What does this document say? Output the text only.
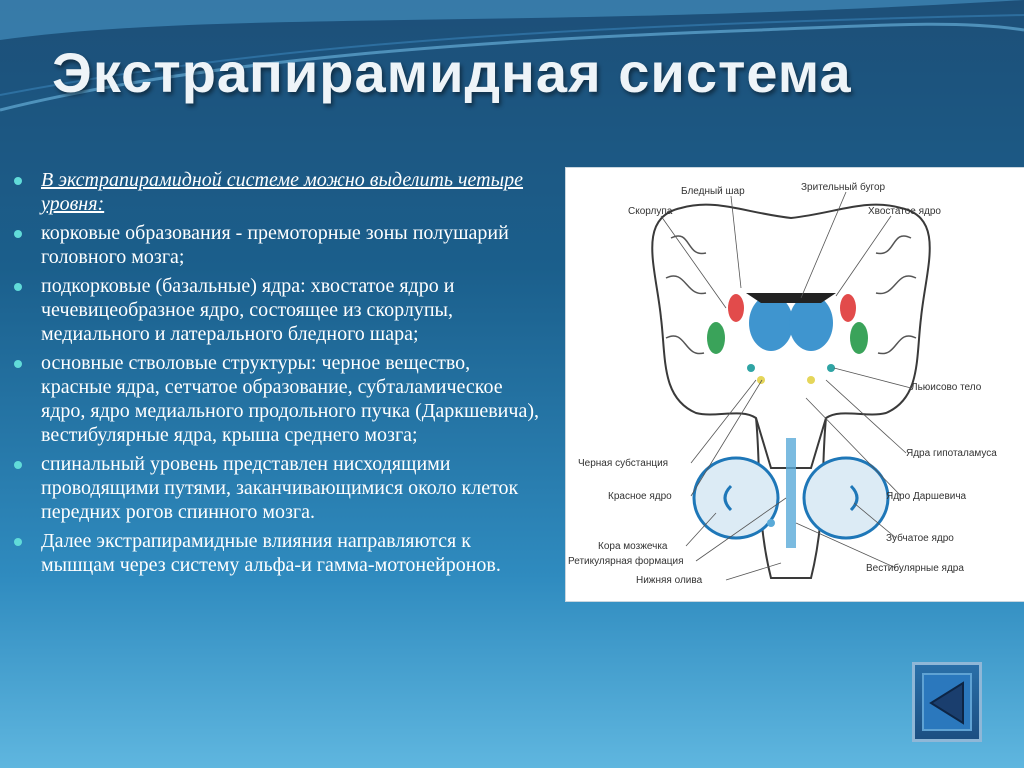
Экстрапирамидная система
В экстрапирамидной системе можно выделить четыре уровня:
корковые образования - премоторные зоны полушарий головного мозга;
подкорковые (базальные) ядра: хвостатое ядро и чечевицеобразное ядро, состоящее из скорлупы, медиального и латерального бледного шара;
основные стволовые структуры: черное вещество, красные ядра, сетчатое образование, субталамическое ядро, ядро медиального продольного пучка (Даркшевича), вестибулярные ядра, крыша среднего мозга;
спинальный уровень представлен нисходящими проводящими путями, заканчивающимися около клеток передних рогов спинного мозга.
Далее экстрапирамидные влияния направляются к мышцам через систему альфа-и гамма-мотонейронов.
Бледный шар	Зрительный бугор
Скорлупа	Хвостатое ядро
Льюисово тело
Ядра гипоталамуса
Черная субстанция
Красное ядро	Ядро Даршевича
Кора мозжечка
Зубчатое ядро
Ретикулярная формация
Вестибулярные ядра
Нижняя олива
